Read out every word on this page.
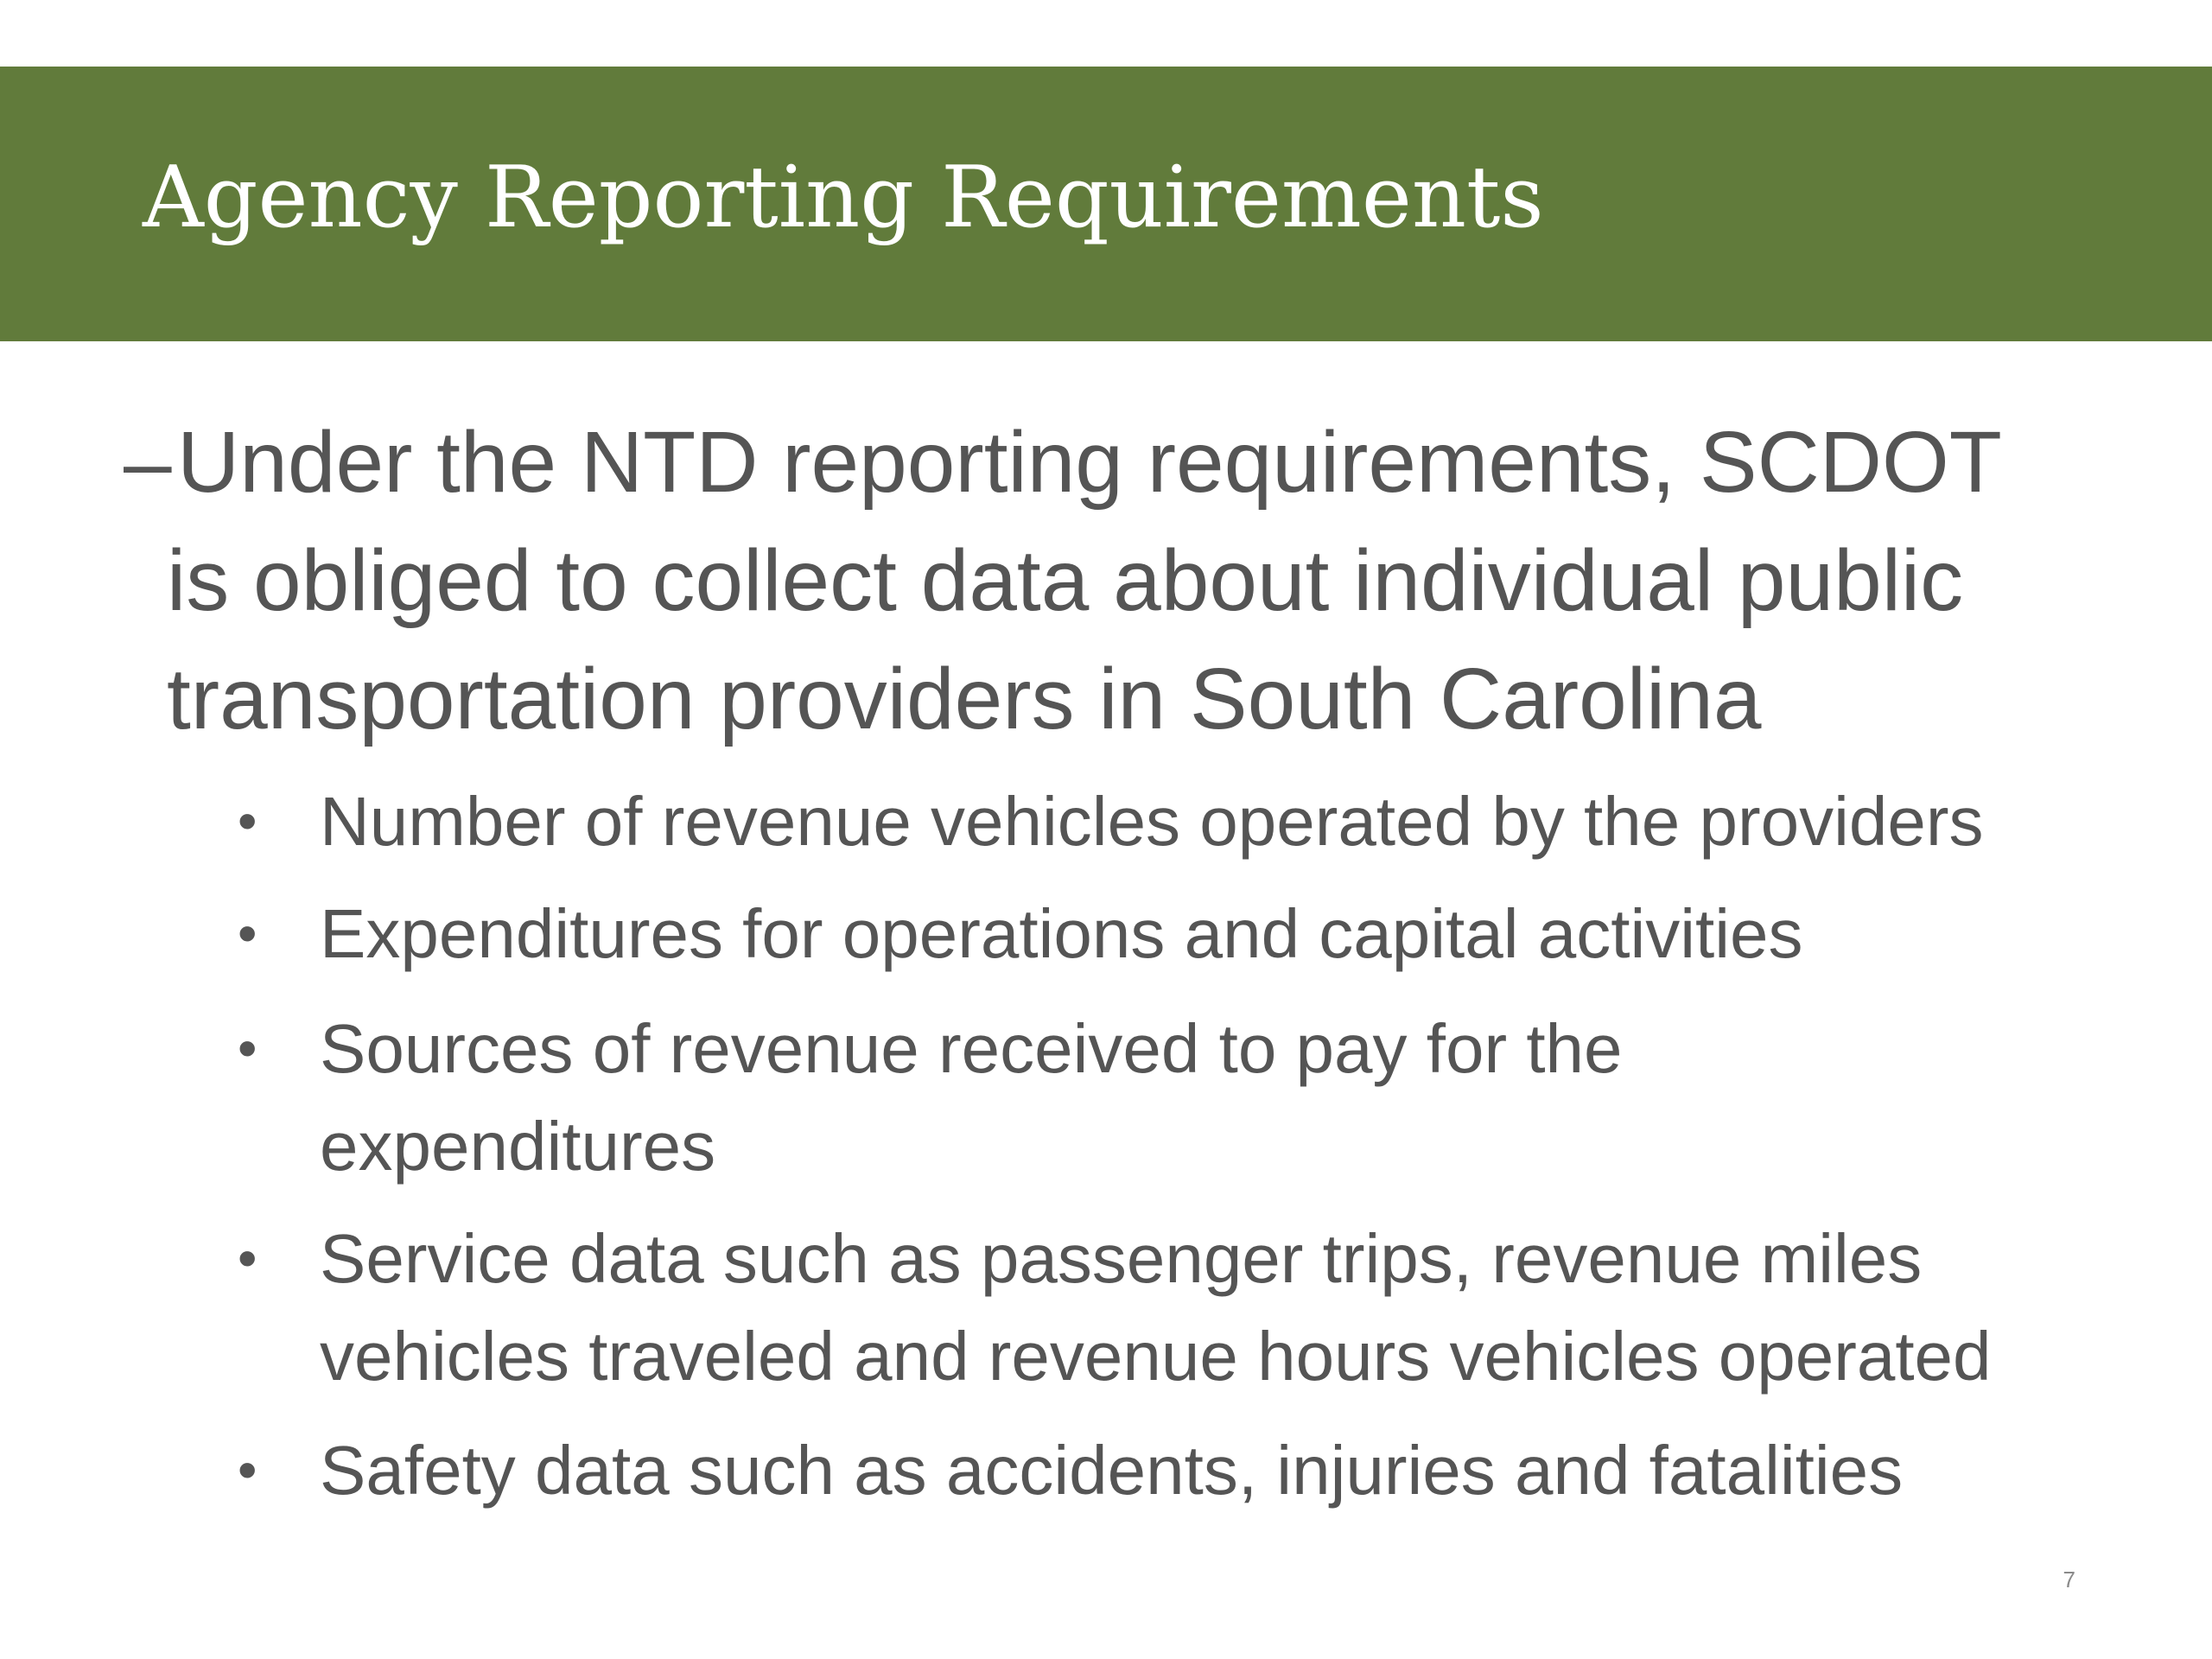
Agency Reporting Requirements
– Under the NTD reporting requirements, SCDOT
is obliged to collect data about individual public
transportation providers in South Carolina
• Number of revenue vehicles operated by the providers
• Expenditures for operations and capital activities
• Sources of revenue received to pay for the
expenditures
• Service data such as passenger trips, revenue miles
vehicles traveled and revenue hours vehicles operated
• Safety data such as accidents, injuries and fatalities
7
